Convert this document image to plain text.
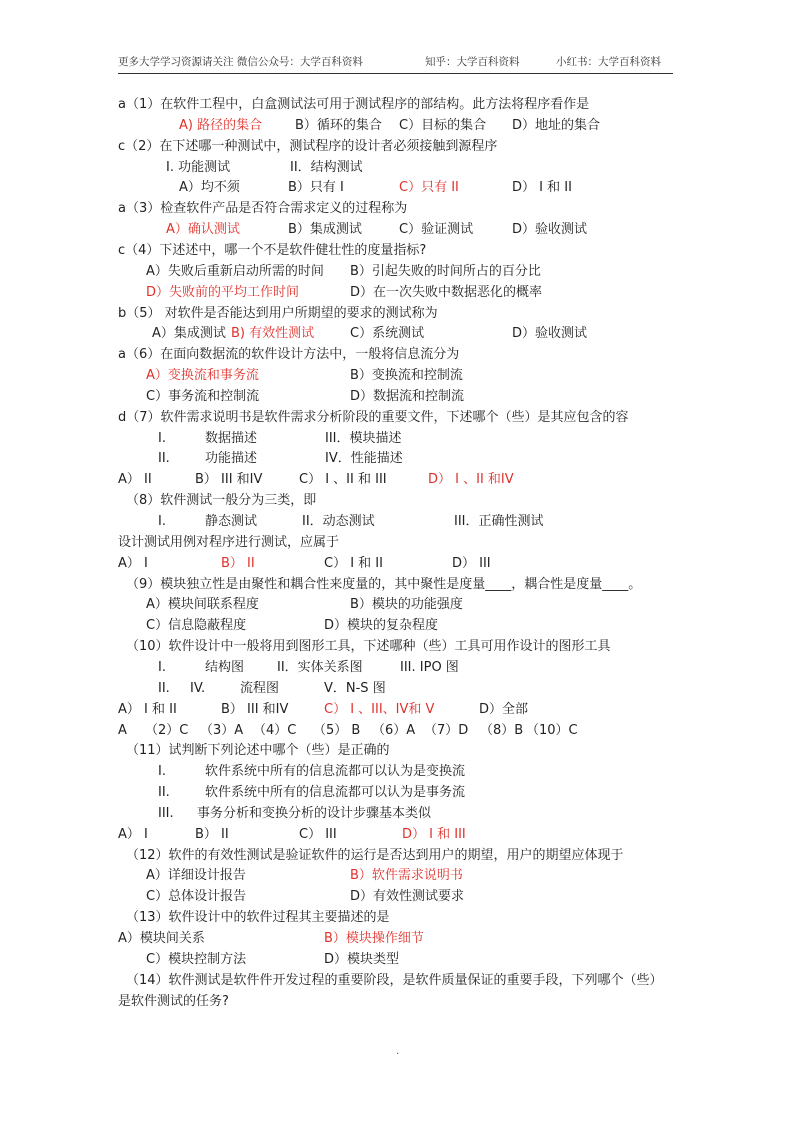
更多大学学习资源请关注 微信公众号：大学百科资料	知乎：大学百科资料	小红书：大学百科资料
a（1）在软件工程中，白盒测试法可用于测试程序的部结构。此方法将程序看作是
A) 路径的集合	B）循环的集合 C）目标的集合 D）地址的集合
c（2）在下述哪一种测试中，测试程序的设计者必须接触到源程序
I. 功能测试	II．结构测试
A）均不须	B）只有 I	C）只有 II	D） I 和 II
a（3）检查软件产品是否符合需求定义的过程称为
A）确认测试	B）集成测试	C）验证测试	D）验收测试
c（4）下述述中，哪一个不是软件健壮性的度量指标?
A）失败后重新启动所需的时间 B）引起失败的时间所占的百分比
D）失败前的平均工作时间	D）在一次失败中数据恶化的概率
b（5） 对软件是否能达到用户所期望的要求的测试称为
A）集成测试 B) 有效性测试	C）系统测试	D）验收测试
a（6）在面向数据流的软件设计方法中，一般将信息流分为
A）变换流和事务流	B）变换流和控制流
C）事务流和控制流	D）数据流和控制流
d（7）软件需求说明书是软件需求分析阶段的重要文件，下述哪个（些）是其应包含的容
I.	数据描述	III．模块描述
II.	功能描述	IV．性能描述
A） II	B） III 和IV	C） I 、II 和 III	D） I 、II 和IV
（8）软件测试一般分为三类，即
I.	静态测试	II．动态测试	III．正确性测试
设计测试用例对程序进行测试，应属于
A） I	B） II	C） I 和 II	D） III
（9）模块独立性是由聚性和耦合性来度量的，其中聚性是度量____，耦合性是度量____。
A）模块间联系程度	B）模块的功能强度
C）信息隐蔽程度	D）模块的复杂程度
（10）软件设计中一般将用到图形工具，下述哪种（些）工具可用作设计的图形工具
I.	结构图	II．实体关系图	III. IPO 图
II. IV.	流程图	V．N-S 图
A） I 和 II	B） III 和IV	C） I 、III、IV和 V	D）全部
A （2）C （3）A （4）C （5） B （6）A （7）D （8）B （10）C
（11）试判断下列论述中哪个（些）是正确的
I.	软件系统中所有的信息流都可以认为是变换流
II.	软件系统中所有的信息流都可以认为是事务流
III. 事务分析和变换分析的设计步骤基本类似
A） I	B） II	C） III	D） I 和 III
（12）软件的有效性测试是验证软件的运行是否达到用户的期望，用户的期望应体现于
A）详细设计报告	B）软件需求说明书
C）总体设计报告	D）有效性测试要求
（13）软件设计中的软件过程其主要描述的是
A）模块间关系	B）模块操作细节
C）模块控制方法	D）模块类型
（14）软件测试是软件件开发过程的重要阶段，是软件质量保证的重要手段，下列哪个（些）
是软件测试的任务?
.
